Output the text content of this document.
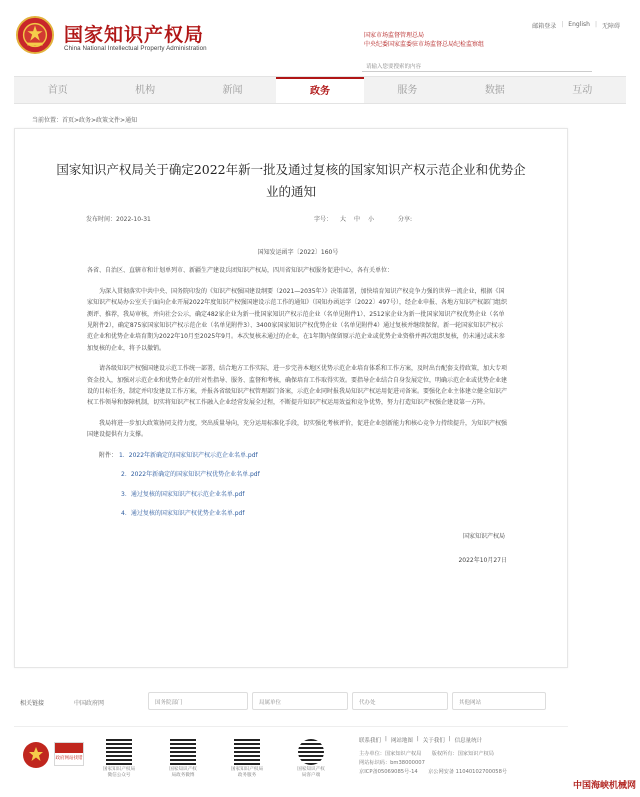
国家知识产权局
China National Intellectual Property Administration
邮箱登录 | English | 无障碍
国家市场监督管理总局
中央纪委国家监委驻市场监督总局纪检监察组
请输入您要搜索的内容
首页	机构	新闻	政务	服务	数据	互动
当前位置：首页>政务>政策文件>通知
国家知识产权局关于确定2022年新一批及通过复核的国家知识产权示范企业和优势企业的通知
发布时间：2022-10-31	字号： 大 中 小	分享:
国知发运函字〔2022〕160号
各省、自治区、直辖市和计划单列市、新疆生产建设兵团知识产权局，四川省知识产权服务促进中心，各有关单位：
为深入贯彻落实中共中央、国务院印发的《知识产权强国建设纲要（2021—2035年）》决策部署，加快培育知识产权竞争力强的世界一流企业，根据《国家知识产权局办公室关于面向企业开展2022年度知识产权强国建设示范工作的通知》（国知办函运字〔2022〕497号），经企业申报、各地方知识产权部门组织测评、推荐，我局审核，并向社会公示，确定482家企业为新一批国家知识产权示范企业（名单见附件1）、2512家企业为新一批国家知识产权优势企业（名单见附件2），确定875家国家知识产权示范企业（名单见附件3）、3400家国家知识产权优势企业（名单见附件4）通过复核并继续保留。新一轮国家知识产权示范企业和优势企业培育期为2022年10月至2025年9月。本次复核未通过的企业，在1年期内保留原示范企业或优势企业资格并再次组织复核，仍未通过或未参加复核的企业，将予以撤销。
请各级知识产权强国建设示范工作统一部署，结合地方工作实际，进一步完善本地区优势示范企业培育体系和工作方案，及时出台配套支持政策，加大专项资金投入，加强对示范企业和优势企业的针对性指导、服务、监督和考核，确保培育工作取得实效。要指导企业结合自身发展定位，明确示范企业或优势企业建设的目标任务，制定并印发建设工作方案，并报各省级知识产权管理部门备案，示范企业同时报我局知识产权运用促进司备案。要强化企业主体建立健全知识产权工作领导和保障机制，切实将知识产权工作融入企业经营发展全过程，不断提升知识产权运用效益和竞争优势，努力打造知识产权强企建设第一方阵。
我局将进一步加大政策协同支持力度，突出质量导向，充分运用标准化手段，切实强化考核评价，促进企业创新能力和核心竞争力持续提升，为知识产权强国建设提供有力支撑。
附件： 1．2022年新确定的国家知识产权示范企业名单.pdf
2．2022年新确定的国家知识产权优势企业名单.pdf
3．通过复核的国家知识产权示范企业名单.pdf
4．通过复核的国家知识产权优势企业名单.pdf
国家知识产权局
2022年10月27日
相关链接	中国政府网	国务院部门	局属单位	代办处	其他网站
政府网站找错
国家知识产权局
微信公众号
国家知识产权
局政务微博
国家知识产权局
政务服务
国家知识产权
局客户端
联系我们 | 网站地图 | 关于我们 | 信息量统计
主办单位：国家知识产权局　　版权所有：国家知识产权局
网站标识码：bm38000007
京ICP备05069085号-14　　京公网安备 11040102700058号
中国海峡机械网
